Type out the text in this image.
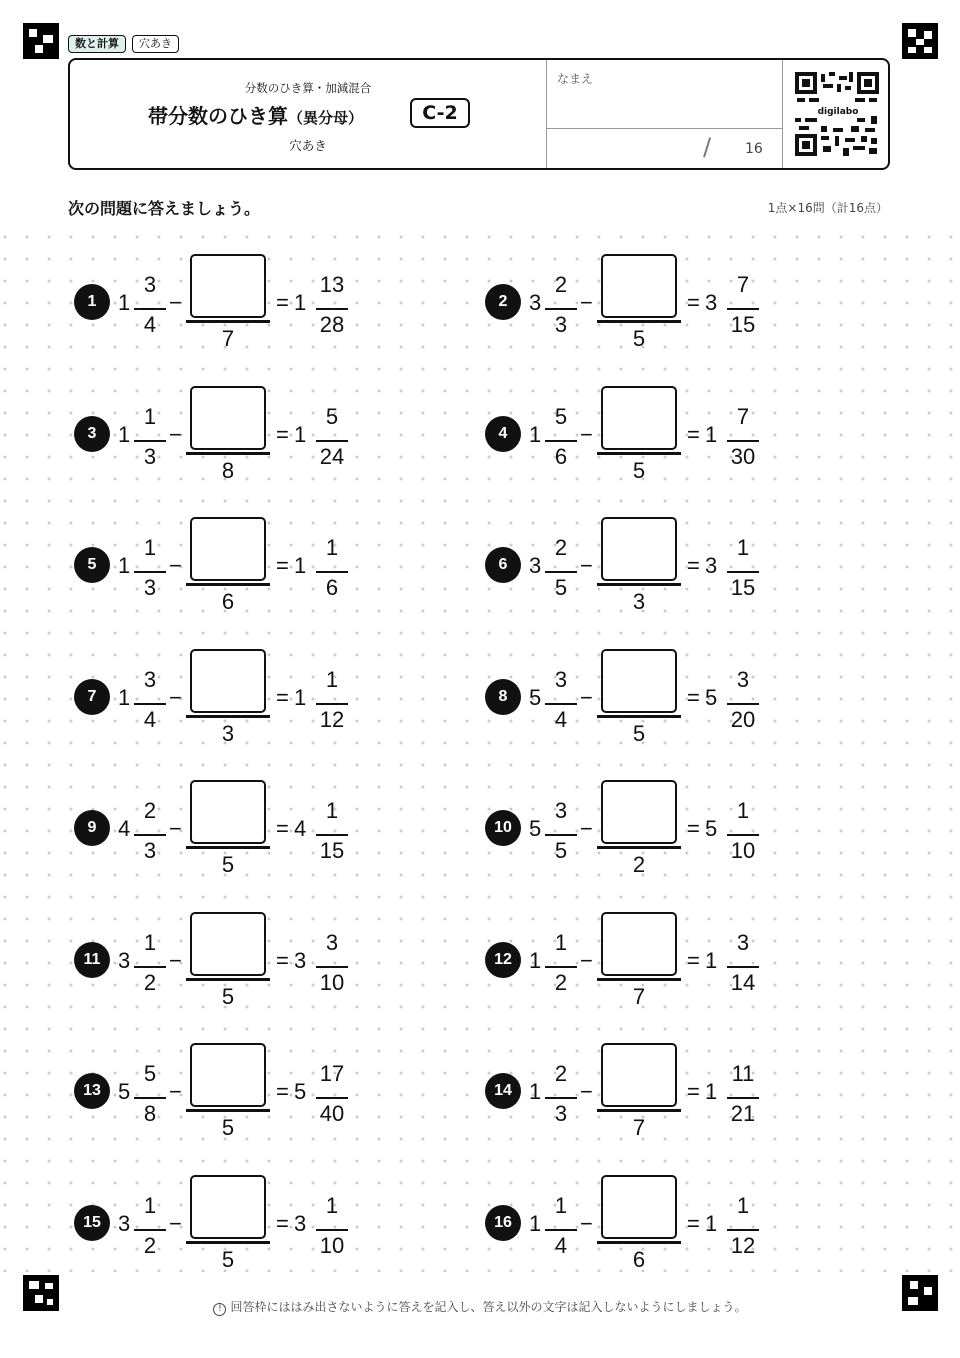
数と計算	穴あき
分数のひき算・加減混合
帯分数のひき算（異分母）	C-2
穴あき
なまえ
/ 16
digilabo
次の問題に答えましょう。	1点×16問（計16点）
1 1
3
4
−
7
= 1
13
28
2 3
2
3
−
5
= 3
7
15
3 1
1
3
−
8
= 1
5
24
4 1
5
6
−
5
= 1
7
30
5 1
1
3
−
6
= 1
1
6
6 3
2
5
−
3
= 3
1
15
7 1
3
4
−
3
= 1
1
12
8 5
3
4
−
5
= 5
3
20
9 4
2
3
−
5
= 4
1
15
10 5
3
5
−
2
= 5
1
10
11 3
1
2
−
5
= 3
3
10
12 1
1
2
−
7
= 1
3
14
13 5
5
8
−
5
= 5
17
40
14 1
2
3
−
7
= 1
11
21
15 3
1
2
−
5
= 3
1
10
16 1
1
4
−
6
= 1
1
12
! 回答枠にははみ出さないように答えを記入し、答え以外の文字は記入しないようにしましょう。
